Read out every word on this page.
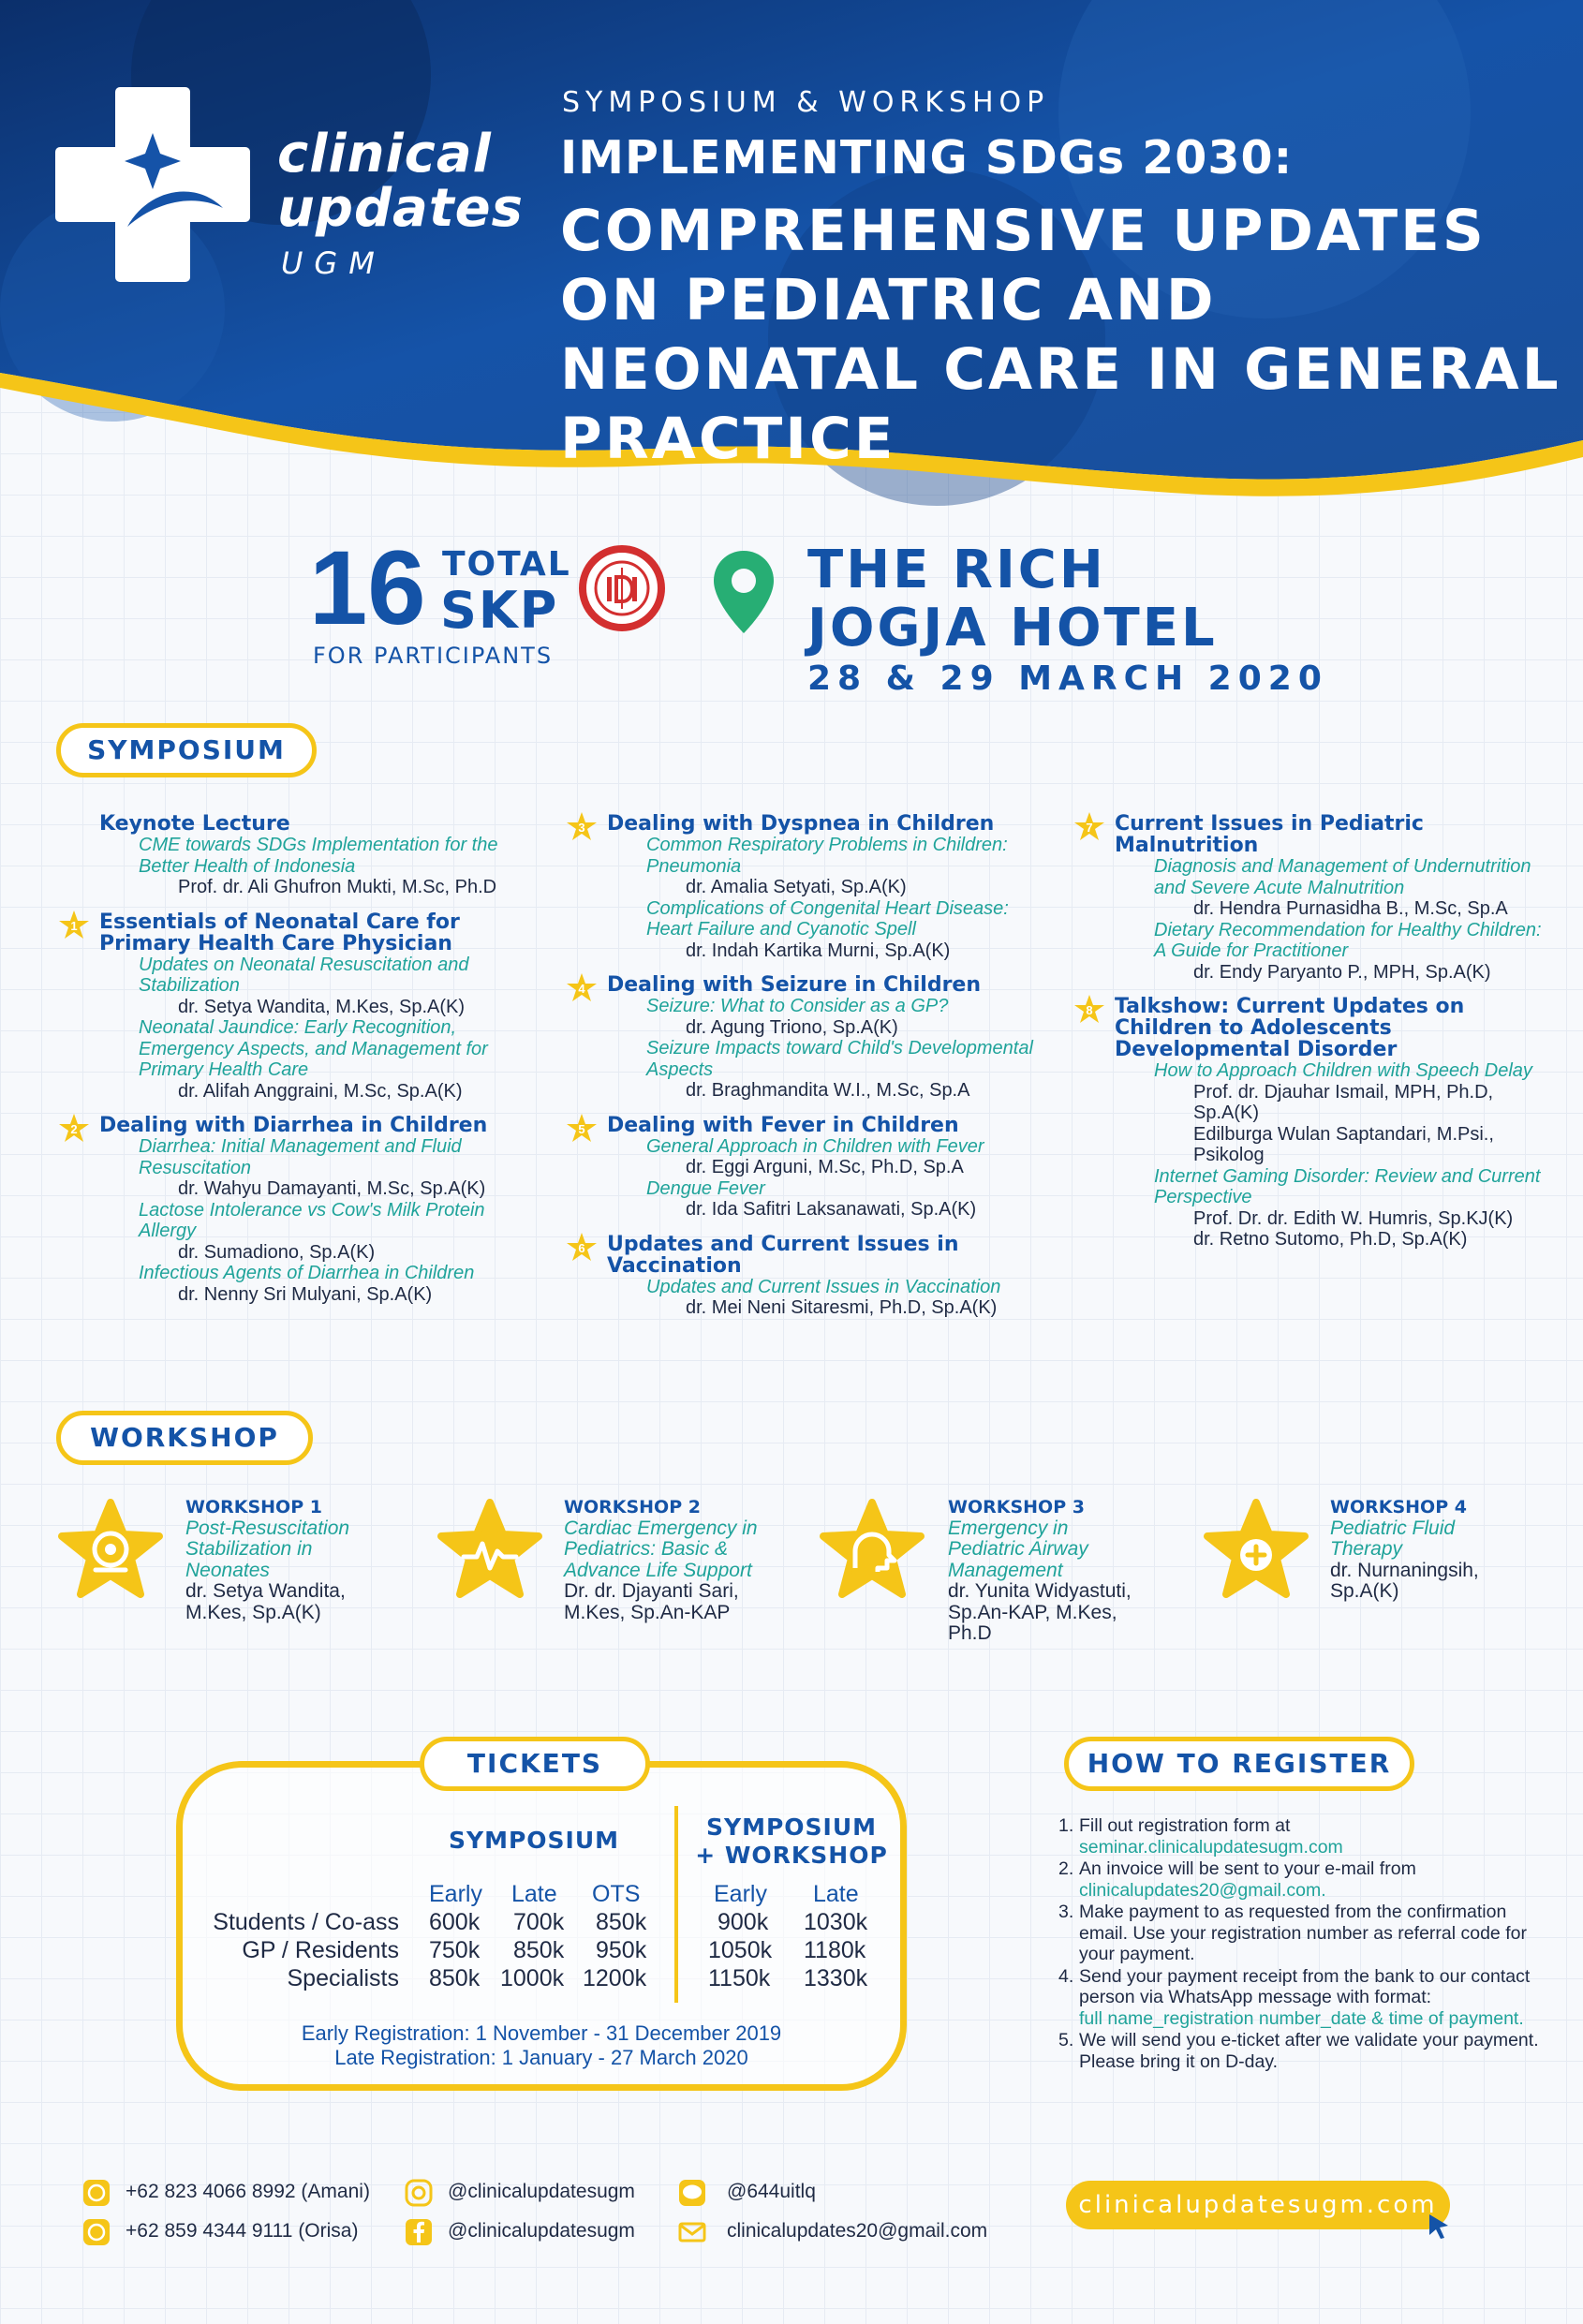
clinical
updates
UGM
SYMPOSIUM & WORKSHOP
IMPLEMENTING SDGs 2030:
COMPREHENSIVE UPDATES ON PEDIATRIC AND NEONATAL CARE IN GENERAL PRACTICE
16 TOTAL
SKP
FOR PARTICIPANTS
THE RICH
JOGJA HOTEL
28 & 29 MARCH 2020
SYMPOSIUM
Keynote Lecture
CME towards SDGs Implementation for the Better Health of Indonesia
Prof. dr. Ali Ghufron Mukti, M.Sc, Ph.D
1	Essentials of Neonatal Care for Primary Health Care Physician
Updates on Neonatal Resuscitation and Stabilization
dr. Setya Wandita, M.Kes, Sp.A(K)
Neonatal Jaundice: Early Recognition, Emergency Aspects, and Management for Primary Health Care
dr. Alifah Anggraini, M.Sc, Sp.A(K)
2	Dealing with Diarrhea in Children
Diarrhea: Initial Management and Fluid Resuscitation
dr. Wahyu Damayanti, M.Sc, Sp.A(K)
Lactose Intolerance vs Cow's Milk Protein Allergy
dr. Sumadiono, Sp.A(K)
Infectious Agents of Diarrhea in Children
dr. Nenny Sri Mulyani, Sp.A(K)
3	Dealing with Dyspnea in Children
Common Respiratory Problems in Children: Pneumonia
dr. Amalia Setyati, Sp.A(K)
Complications of Congenital Heart Disease: Heart Failure and Cyanotic Spell
dr. Indah Kartika Murni, Sp.A(K)
4	Dealing with Seizure in Children
Seizure: What to Consider as a GP?
dr. Agung Triono, Sp.A(K)
Seizure Impacts toward Child's Developmental Aspects
dr. Braghmandita W.I., M.Sc, Sp.A
5	Dealing with Fever in Children
General Approach in Children with Fever
dr. Eggi Arguni, M.Sc, Ph.D, Sp.A
Dengue Fever
dr. Ida Safitri Laksanawati, Sp.A(K)
6	Updates and Current Issues in Vaccination
Updates and Current Issues in Vaccination
dr. Mei Neni Sitaresmi, Ph.D, Sp.A(K)
7	Current Issues in Pediatric Malnutrition
Diagnosis and Management of Undernutrition and Severe Acute Malnutrition
dr. Hendra Purnasidha B., M.Sc, Sp.A
Dietary Recommendation for Healthy Children: A Guide for Practitioner
dr. Endy Paryanto P., MPH, Sp.A(K)
8	Talkshow: Current Updates on Children to Adolescents Developmental Disorder
How to Approach Children with Speech Delay
Prof. dr. Djauhar Ismail, MPH, Ph.D, Sp.A(K)
Edilburga Wulan Saptandari, M.Psi., Psikolog
Internet Gaming Disorder: Review and Current Perspective
Prof. Dr. dr. Edith W. Humris, Sp.KJ(K)
dr. Retno Sutomo, Ph.D, Sp.A(K)
WORKSHOP
WORKSHOP 1
Post-Resuscitation Stabilization in Neonates
dr. Setya Wandita, M.Kes, Sp.A(K)
WORKSHOP 2
Cardiac Emergency in Pediatrics: Basic & Advance Life Support
Dr. dr. Djayanti Sari, M.Kes, Sp.An-KAP
WORKSHOP 3
Emergency in Pediatric Airway Management
dr. Yunita Widyastuti, Sp.An-KAP, M.Kes, Ph.D
WORKSHOP 4
Pediatric Fluid Therapy
dr. Nurnaningsih, Sp.A(K)
TICKETS
SYMPOSIUM	SYMPOSIUM
+ WORKSHOP
Early Late OTS	Early Late
Students / Co-ass 600k 700k 850k	900k 1030k
GP / Residents 750k 850k 950k	1050k 1180k
Specialists 850k 1000k 1200k	1150k 1330k
Early Registration: 1 November - 31 December 2019
Late Registration: 1 January - 27 March 2020
HOW TO REGISTER
1. Fill out registration form at
seminar.clinicalupdatesugm.com
2. An invoice will be sent to your e-mail from
clinicalupdates20@gmail.com.
3. Make payment to as requested from the confirmation email. Use your registration number as referral code for your payment.
4. Send your payment receipt from the bank to our contact person via WhatsApp message with format:
full name_registration number_date & time of payment.
5. We will send you e-ticket after we validate your payment. Please bring it on D-day.
+62 823 4066 8992 (Amani)
+62 859 4344 9111 (Orisa)
@clinicalupdatesugm
@clinicalupdatesugm
@644uitlq
clinicalupdates20@gmail.com
clinicalupdatesugm.com
